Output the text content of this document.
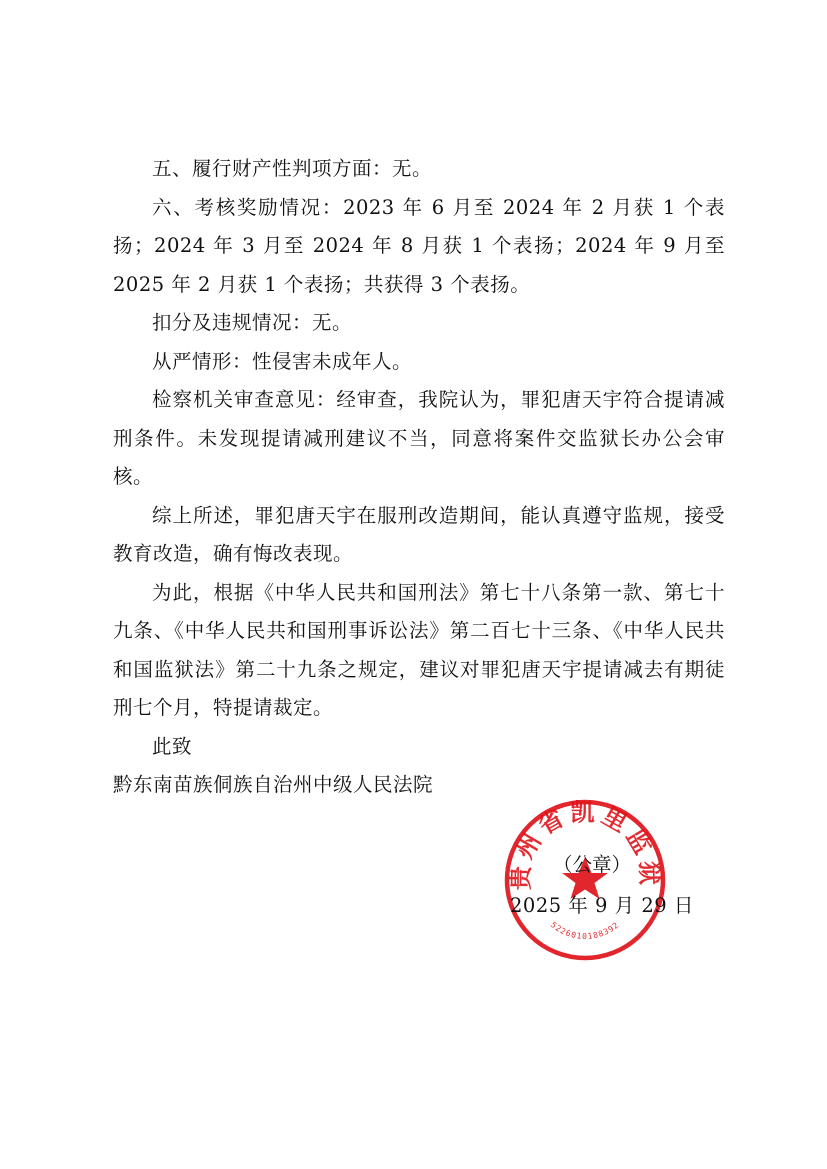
五、履行财产性判项方面：无。

六、考核奖励情况：2023 年 6 月至 2024 年 2 月获 1 个表扬；2024 年 3 月至 2024 年 8 月获 1 个表扬；2024 年 9 月至 2025 年 2 月获 1 个表扬；共获得 3 个表扬。

扣分及违规情况：无。

从严情形：性侵害未成年人。

检察机关审查意见：经审查，我院认为，罪犯唐天宇符合提请减刑条件。未发现提请减刑建议不当，同意将案件交监狱长办公会审核。

综上所述，罪犯唐天宇在服刑改造期间，能认真遵守监规，接受教育改造，确有悔改表现。

为此，根据《中华人民共和国刑法》第七十八条第一款、第七十九条、《中华人民共和国刑事诉讼法》第二百七十三条、《中华人民共和国监狱法》第二十九条之规定，建议对罪犯唐天宇提请减去有期徒刑七个月，特提请裁定。

此致

黔东南苗族侗族自治州中级人民法院

贵州省凯里监狱
5226010188392
（公章）
2025 年 9 月 29 日
